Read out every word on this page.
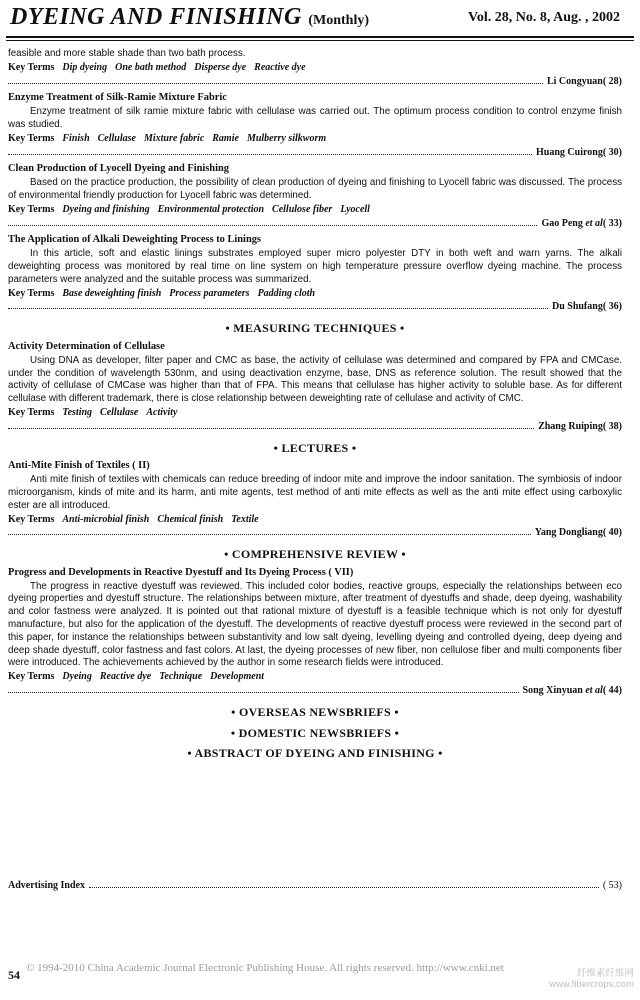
DYEING AND FINISHING (Monthly)	Vol. 28, No. 8, Aug. , 2002

feasible and more stable shade than two bath process.

Key Terms Dip dyeing One bath method Disperse dye Reactive dye
Li Congyuan( 28)
Enzyme Treatment of Silk-Ramie Mixture Fabric

Enzyme treatment of silk ramie mixture fabric with cellulase was carried out. The optimum process condition to control enzyme finish was studied.

Key Terms Finish Cellulase Mixture fabric Ramie Mulberry silkworm
Huang Cuirong( 30)
Clean Production of Lyocell Dyeing and Finishing

Based on the practice production, the possibility of clean production of dyeing and finishing to Lyocell fabric was discussed. The process of environmental friendly production for Lyocell fabric was determined.

Key Terms Dyeing and finishing Environmental protection Cellulose fiber Lyocell
Gao Peng et al( 33)
The Application of Alkali Deweighting Process to Linings

In this article, soft and elastic linings substrates employed super micro polyester DTY in both weft and warn yarns. The alkali deweighting process was monitored by real time on line system on high temperature pressure overflow dyeing machine. The process parameters were analyzed and the suitable process was summarized.

Key Terms Base deweighting finish Process parameters Padding cloth
Du Shufang( 36)
• MEASURING TECHNIQUES •
Activity Determination of Cellulase

Using DNA as developer, filter paper and CMC as base, the activity of cellulase was determined and compared by FPA and CMCase. under the condition of wavelength 530nm, and using deactivation enzyme, base, DNS as reference solution. The result showed that the activity of cellulase of CMCase was higher than that of FPA. This means that cellulase has higher activity to soluble base. As for different cellulase with different trademark, there is close relationship between deweighting rate of cellulase and activity of CMC.

Key Terms Testing Cellulase Activity
Zhang Ruiping( 38)
• LECTURES •
Anti-Mite Finish of Textiles ( II)

Anti mite finish of textiles with chemicals can reduce breeding of indoor mite and improve the indoor sanitation. The symbiosis of indoor microorganism, kinds of mite and its harm, anti mite agents, test method of anti mite effects as well as the anti mite effect using carboxylic ester are all introduced.

Key Terms Anti-microbial finish Chemical finish Textile
Yang Dongliang( 40)
• COMPREHENSIVE REVIEW •
Progress and Developments in Reactive Dyestuff and Its Dyeing Process ( VII)

The progress in reactive dyestuff was reviewed. This included color bodies, reactive groups, especially the relationships between eco dyeing properties and dyestuff structure. The relationships between mixture, after treatment of dyestuffs and shade, deep dyeing, washability and color fastness were analyzed. It is pointed out that rational mixture of dyestuff is a feasible technique which is not only for dyestuff manufacture, but also for the application of the dyestuff. The developments of reactive dyestuff process were reviewed in the second part of this paper, for instance the relationships between substantivity and low salt dyeing, levelling dyeing and controlled dyeing, deep dyeing and deep shade dyestuff, color fastness and fast colors. At last, the dyeing processes of new fiber, non cellulose fiber and multi components fiber were introduced. The achievements achieved by the author in some research fields were introduced.

Key Terms Dyeing Reactive dye Technique Development
Song Xinyuan et al( 44)
• OVERSEAS NEWSBRIEFS •
• DOMESTIC NEWSBRIEFS •
• ABSTRACT OF DYEING AND FINISHING •
Advertising Index	( 53)
54 © 1994-2010 China Academic Journal Electronic Publishing House. All rights reserved. http://www.cnki.net	纤维素纤维网
www.fibercrops.com
